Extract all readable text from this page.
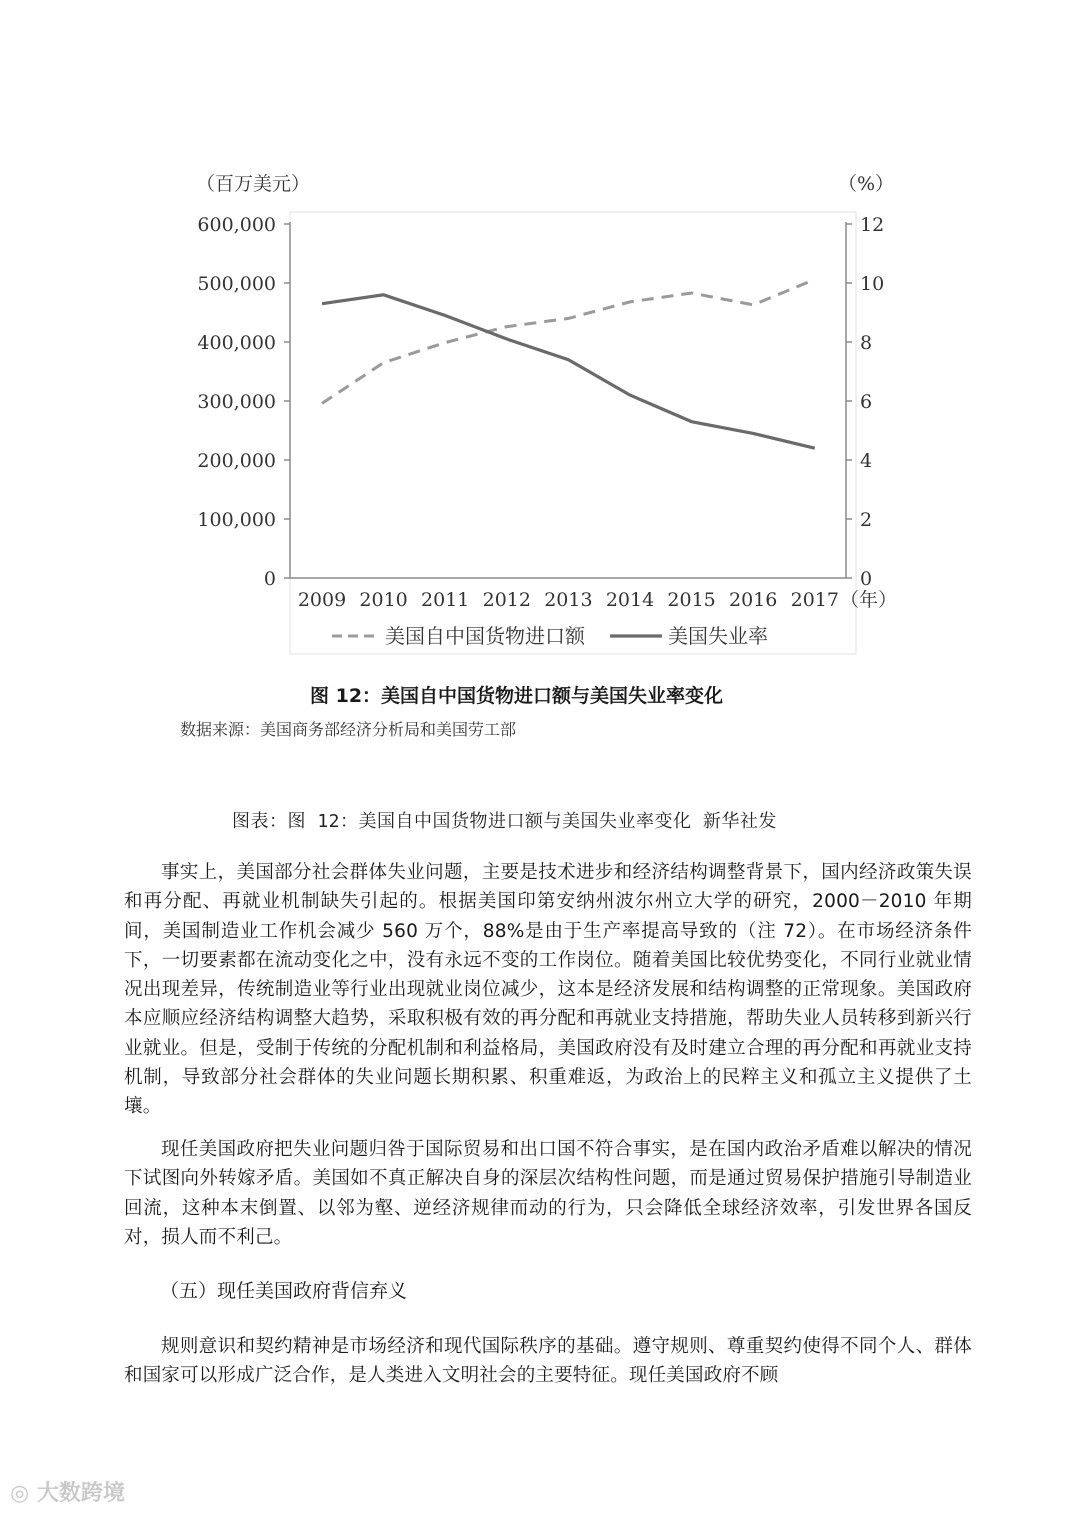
（百万美元）	（%）
0
100,000
200,000
300,000
400,000
500,000
600,000
0
2
4
6
8
10
12
2009 2010 2011 2012 2013 2014 2015 2016 2017 （年）
美国自中国货物进口额	美国失业率
图 12：美国自中国货物进口额与美国失业率变化
数据来源：美国商务部经济分析局和美国劳工部
图表：图 12：美国自中国货物进口额与美国失业率变化 新华社发

事实上，美国部分社会群体失业问题，主要是技术进步和经济结构调整背景下，国内经济政策失误和再分配、再就业机制缺失引起的。根据美国印第安纳州波尔州立大学的研究，2000－2010 年期间，美国制造业工作机会减少 560 万个，88%是由于生产率提高导致的（注 72）。在市场经济条件下，一切要素都在流动变化之中，没有永远不变的工作岗位。随着美国比较优势变化，不同行业就业情况出现差异，传统制造业等行业出现就业岗位减少，这本是经济发展和结构调整的正常现象。美国政府本应顺应经济结构调整大趋势，采取积极有效的再分配和再就业支持措施，帮助失业人员转移到新兴行业就业。但是，受制于传统的分配机制和利益格局，美国政府没有及时建立合理的再分配和再就业支持机制，导致部分社会群体的失业问题长期积累、积重难返，为政治上的民粹主义和孤立主义提供了土壤。

现任美国政府把失业问题归咎于国际贸易和出口国不符合事实，是在国内政治矛盾难以解决的情况下试图向外转嫁矛盾。美国如不真正解决自身的深层次结构性问题，而是通过贸易保护措施引导制造业回流，这种本末倒置、以邻为壑、逆经济规律而动的行为，只会降低全球经济效率，引发世界各国反对，损人而不利己。

（五）现任美国政府背信弃义

规则意识和契约精神是市场经济和现代国际秩序的基础。遵守规则、尊重契约使得不同个人、群体和国家可以形成广泛合作，是人类进入文明社会的主要特征。现任美国政府不顾

◎ 大数跨境
